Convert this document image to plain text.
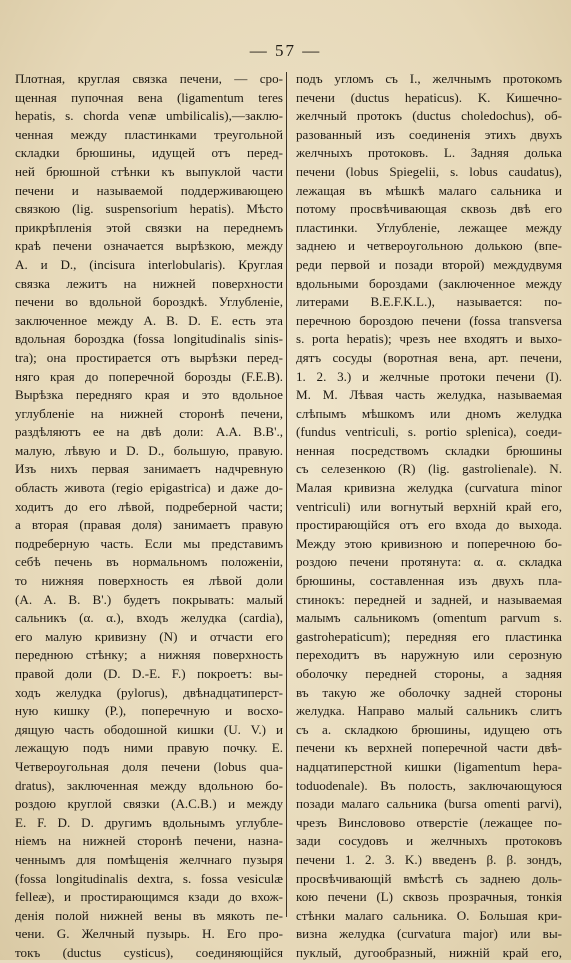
— 57 —
Плотная, круглая связка печени, — сро-
щенная пупочная вена (ligamentum teres
hepatis, s. chorda venæ umbilicalis),—заклю-
ченная между пластинками треугольной
складки брюшины, идущей отъ перед-
ней брюшной стѣнки къ выпуклой части
печени и называемой поддерживающею
связкою (lig. suspensorium hepatis). Мѣсто
прикрѣпленія этой связки на переднемъ
краѣ печени означается вырѣзкою, между
A. и D., (incisura interlobularis). Круглая
связка лежитъ на нижней поверхности
печени во вдольной бороздкѣ. Углубленіе,
заключенное между A. B. D. E. есть эта
вдольная бороздка (fossa longitudinalis sinis-
tra); она простирается отъ вырѣзки перед-
няго края до поперечной борозды (F.E.B).
Вырѣзка передняго края и это вдольное
углубленіе на нижней сторонѣ печени,
раздѣляютъ ее на двѣ доли: A.A. B.B'.,
малую, лѣвую и D. D., большую, правую.
Изъ нихъ первая занимаетъ надчревную
область живота (regio epigastrica) и даже до-
ходитъ до его лѣвой, подреберной части;
а вторая (правая доля) занимаетъ правую
подреберную часть. Если мы представимъ
себѣ печень въ нормальномъ положеніи,
то нижняя поверхность ея лѣвой доли
(A. A. B. B'.) будетъ покрывать: малый
сальникъ (α. α.), входъ желудка (cardia),
его малую кривизну (N) и отчасти его
переднюю стѣнку; а нижняя поверхность
правой доли (D. D.-E. F.) покроетъ: вы-
ходъ желудка (pylorus), двѣнадцатиперст-
ную кишку (P.), поперечную и восхо-
дящую часть ободошной кишки (U. V.) и
лежащую подъ ними правую почку. E.
Четвероугольная доля печени (lobus qua-
dratus), заключенная между вдольною бо-
роздою круглой связки (A.C.B.) и между
E. F. D. D. другимъ вдольнымъ углубле-
ніемъ на нижней сторонѣ печени, назна-
ченнымъ для помѣщенія желчнаго пузыря
(fossa longitudinalis dextra, s. fossa vesiculæ
felleæ), и простирающимся кзади до вхож-
денія полой нижней вены въ мякоть пе-
чени. G. Желчный пузырь. H. Его про-
токъ (ductus cysticus), соединяющійся
подъ угломъ съ I., желчнымъ протокомъ
печени (ductus hepaticus). K. Кишечно-
желчный протокъ (ductus choledochus), об-
разованный изъ соединенія этихъ двухъ
желчныхъ протоковъ. L. Задняя долька
печени (lobus Spiegelii, s. lobus caudatus),
лежащая въ мѣшкѣ малаго сальника и
потому просвѣчивающая сквозь двѣ его
пластинки. Углубленіе, лежащее между
заднею и четвероугольною долькою (впе-
реди первой и позади второй) междудвумя
вдольными бороздами (заключенное между
литерами B.E.F.K.L.), называется: по-
перечною бороздою печени (fossa transversa
s. porta hepatis); чрезъ нее входятъ и выхо-
дятъ сосуды (воротная вена, арт. печени,
1. 2. 3.) и желчные протоки печени (I).
M. M. Лѣвая часть желудка, называемая
слѣпымъ мѣшкомъ или дномъ желудка
(fundus ventriculi, s. portio splenica), соеди-
ненная посредствомъ складки брюшины
съ селезенкою (R) (lig. gastrolienale). N.
Малая кривизна желудка (curvatura minor
ventriculi) или вогнутый верхній край его,
простирающійся отъ его входа до выхода.
Между этою кривизною и поперечною бо-
роздою печени протянута: α. α. складка
брюшины, составленная изъ двухъ пла-
стинокъ: передней и задней, и называемая
малымъ сальникомъ (omentum parvum s.
gastrohepaticum); передняя его пластинка
переходитъ въ наружную или серозную
оболочку передней стороны, а задняя
въ такую же оболочку задней стороны
желудка. Направо малый сальникъ слитъ
съ a. складкою брюшины, идущею отъ
печени къ верхней поперечной части двѣ-
надцатиперстной кишки (ligamentum hepa-
toduodenale). Въ полость, заключающуюся
позади малаго сальника (bursa omenti parvi),
чрезъ Винсловово отверстіе (лежащее по-
зади сосудовъ и желчныхъ протоковъ
печени 1. 2. 3. K.) введенъ β. β. зондъ,
просвѣчивающій вмѣстѣ съ заднею доль-
кою печени (L) сквозь прозрачныя, тонкія
стѣнки малаго сальника. O. Большая кри-
визна желудка (curvatura major) или вы-
пуклый, дугообразный, нижній край его,
